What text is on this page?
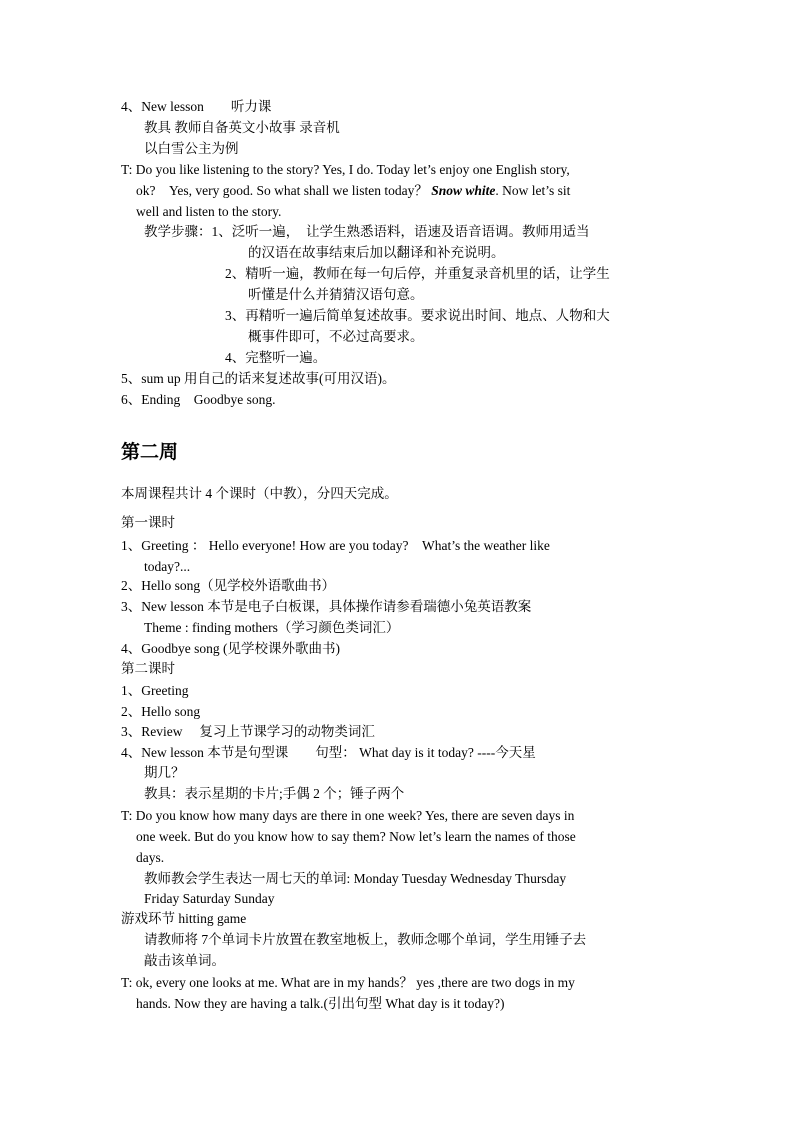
4、New lesson　　听力课
教具 教师自备英文小故事 录音机
以白雪公主为例
T: Do you like listening to the story? Yes, I do. Today let’s enjoy one English story,
ok?　Yes, very good. So what shall we listen today？ Snow white. Now let’s sit
well and listen to the story.
教学步骤：1、泛听一遍，　让学生熟悉语料，语速及语音语调。教师用适当
的汉语在故事结束后加以翻译和补充说明。
2、精听一遍，教师在每一句后停，并重复录音机里的话，让学生
听懂是什么并猜猜汉语句意。
3、再精听一遍后简单复述故事。要求说出时间、地点、人物和大
概事件即可，不必过高要求。
4、完整听一遍。
5、sum up 用自己的话来复述故事(可用汉语)。
6、Ending　Goodbye song.
第二周
本周课程共计 4 个课时（中教），分四天完成。
第一课时
1、Greeting ： Hello everyone! How are you today?　What’s the weather like
today?...
2、Hello song（见学校外语歌曲书）
3、New lesson 本节是电子白板课，具体操作请参看瑞德小兔英语教案
Theme : finding mothers（学习颜色类词汇）
4、Goodbye song (见学校课外歌曲书)
第二课时
1、Greeting
2、Hello song
3、Review　 复习上节课学习的动物类词汇
4、New lesson 本节是句型课　　句型： What day is it today? ----今天星
期几？
教具：表示星期的卡片;手偶 2 个；锤子两个
T: Do you know how many days are there in one week? Yes, there are seven days in
one week. But do you know how to say them? Now let’s learn the names of those
days.
教师教会学生表达一周七天的单词: Monday Tuesday Wednesday Thursday
Friday Saturday Sunday
游戏环节 hitting game
请教师将 7个单词卡片放置在教室地板上，教师念哪个单词，学生用锤子去
敲击该单词。
T: ok, every one looks at me. What are in my hands？ yes ,there are two dogs in my
hands. Now they are having a talk.(引出句型 What day is it today?)
